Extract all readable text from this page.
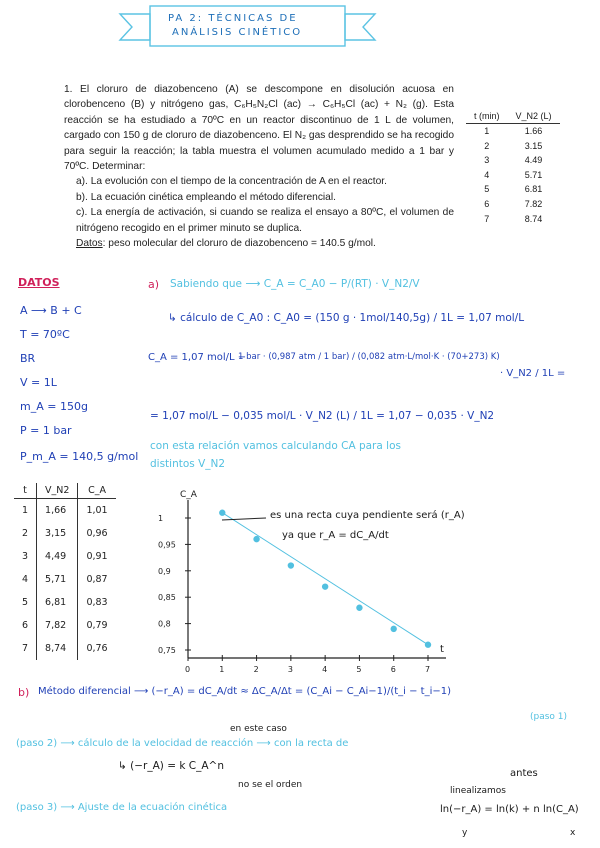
PA 2: TÉCNICAS DE
ANÁLISIS CINÉTICO

1. El cloruro de diazobenceno (A) se descompone en disolución acuosa en clorobenceno (B) y nitrógeno gas, C₆H₅N₂Cl (ac) → C₆H₅Cl (ac) + N₂ (g). Esta reacción se ha estudiado a 70ºC en un reactor discontinuo de 1 L de volumen, cargado con 150 g de cloruro de diazobenceno. El N₂ gas desprendido se ha recogido para seguir la reacción; la tabla muestra el volumen acumulado medido a 1 bar y 70ºC. Determinar:

a). La evolución con el tiempo de la concentración de A en el reactor.

b). La ecuación cinética empleando el método diferencial.

c). La energía de activación, si cuando se realiza el ensayo a 80ºC, el volumen de nitrógeno recogido en el primer minuto se duplica.

Datos: peso molecular del cloruro de diazobenceno = 140.5 g/mol.

t (min)	V_N2 (L)
1	1.66
2	3.15
3	4.49
4	5.71
5	6.81
6	7.82
7	8.74
DATOS
A ⟶ B + C
T = 70ºC
BR
V = 1L
m_A = 150g
P = 1 bar
P_m_A = 140,5 g/mol
a) Sabiendo que ⟶ C_A = C_A0 − P/(RT) · V_N2/V
↳ cálculo de C_A0 : C_A0 = (150 g · 1mol/140,5g) / 1L = 1,07 mol/L
C_A = 1,07 mol/L −
1 bar · (0,987 atm / 1 bar) / (0,082 atm·L/mol·K · (70+273) K)
· V_N2 / 1L =
= 1,07 mol/L − 0,035 mol/L · V_N2 (L) / 1L = 1,07 − 0,035 · V_N2
con esta relación vamos calculando CA para los
distintos V_N2
t	V_N2	C_A
1	1,66	1,01
2	3,15	0,96
3	4,49	0,91
4	5,71	0,87
5	6,81	0,83
6	7,82	0,79
7	8,74	0,76
1
0,95
0,9
0,85
0,8
0,75
0	1	2	3	4	5	6	7
C_A
t
es una recta cuya pendiente será (r_A)
ya que r_A = dC_A/dt
b) Método diferencial ⟶ (−r_A) = dC_A/dt ≈ ΔC_A/Δt = (C_Ai − C_Ai−1)/(t_i − t_i−1)
(paso 1)
en este caso
(paso 2) ⟶ cálculo de la velocidad de reacción ⟶ con la recta de
antes
↳ (−r_A) = k C_A^n
no se el orden
linealizamos
(paso 3) ⟶ Ajuste de la ecuación cinética	ln(−r_A) = ln(k) + n ln(C_A)
y	x
